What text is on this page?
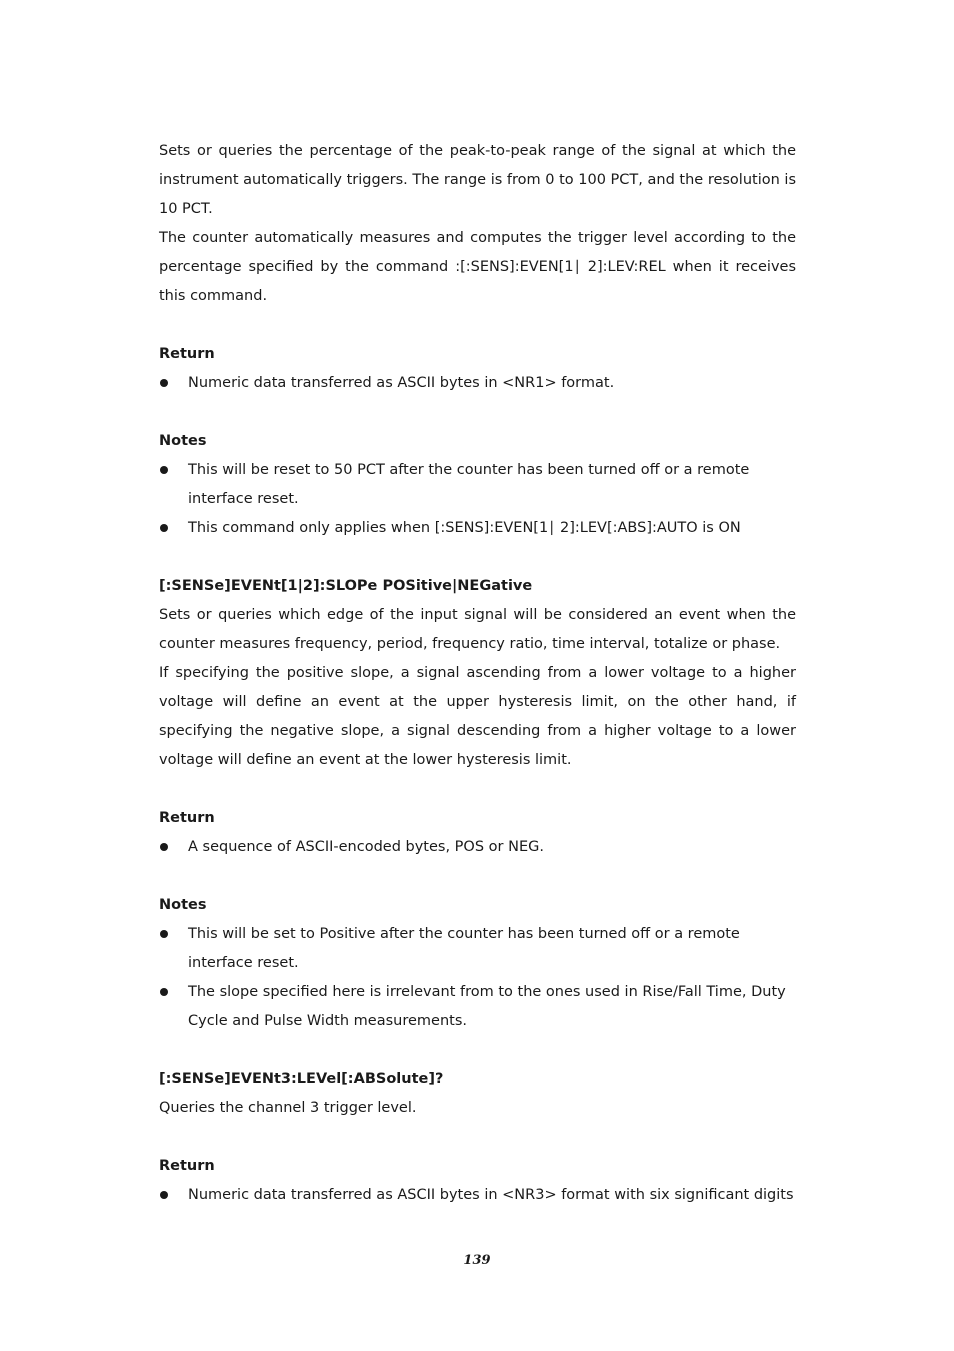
Sets or queries the percentage of the peak-to-peak range of the signal at which the instrument automatically triggers. The range is from 0 to 100 PCT, and the resolution is 10 PCT.

The counter automatically measures and computes the trigger level according to the percentage specified by the command :[:SENS]:EVEN[1∣ 2]:LEV:REL when it receives this command.

Return

Numeric data transferred as ASCII bytes in <NR1> format.

Notes

This will be reset to 50 PCT after the counter has been turned off or a remote interface reset.
This command only applies when [:SENS]:EVEN[1∣ 2]:LEV[:ABS]:AUTO is ON

[:SENSe]EVENt[1|2]:SLOPe POSitive|NEGative

Sets or queries which edge of the input signal will be considered an event when the counter measures frequency, period, frequency ratio, time interval, totalize or phase.

If specifying the positive slope, a signal ascending from a lower voltage to a higher voltage will define an event at the upper hysteresis limit, on the other hand, if specifying the negative slope, a signal descending from a higher voltage to a lower voltage will define an event at the lower hysteresis limit.

Return

A sequence of ASCII-encoded bytes, POS or NEG.

Notes

This will be set to Positive after the counter has been turned off or a remote interface reset.
The slope specified here is irrelevant from to the ones used in Rise/Fall Time, Duty Cycle and Pulse Width measurements.

[:SENSe]EVENt3:LEVel[:ABSolute]?

Queries the channel 3 trigger level.

Return

Numeric data transferred as ASCII bytes in <NR3> format with six significant digits
139
